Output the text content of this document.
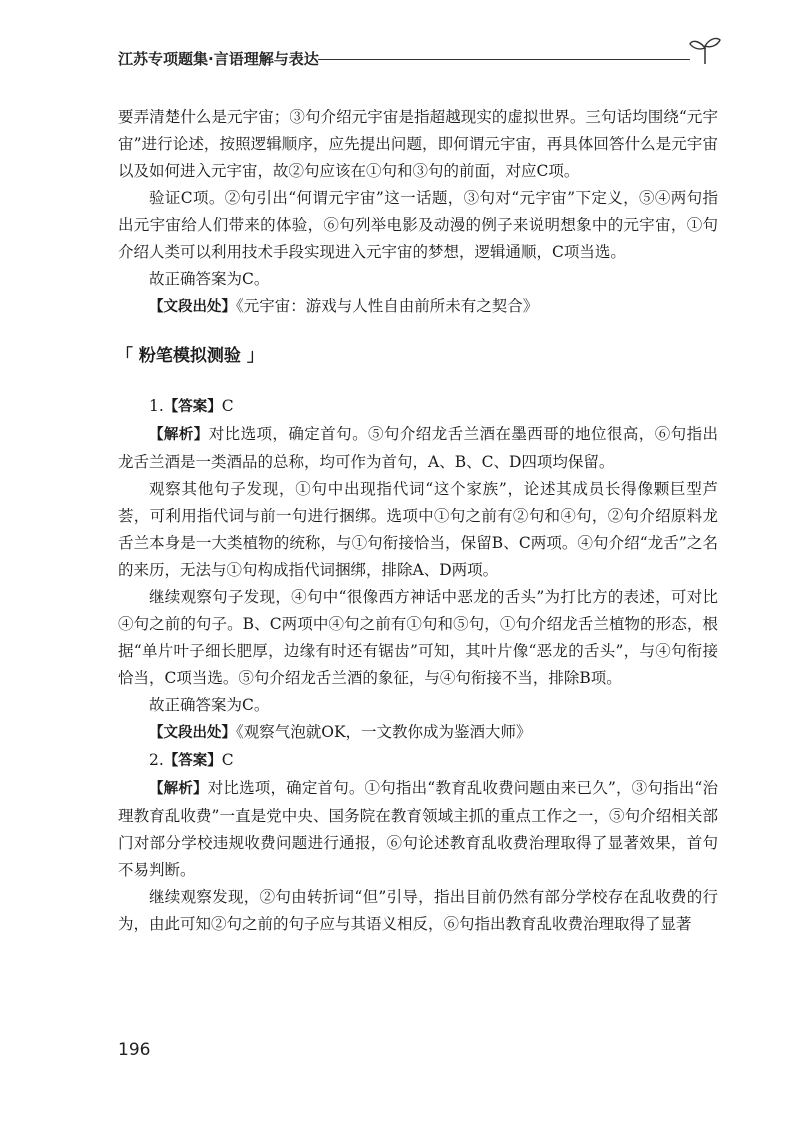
江苏专项题集·言语理解与表达

要弄清楚什么是元宇宙；③句介绍元宇宙是指超越现实的虚拟世界。三句话均围绕“元宇宙”进行论述，按照逻辑顺序，应先提出问题，即何谓元宇宙，再具体回答什么是元宇宙以及如何进入元宇宙，故②句应该在①句和③句的前面，对应C项。

验证C项。②句引出“何谓元宇宙”这一话题，③句对“元宇宙”下定义，⑤④两句指出元宇宙给人们带来的体验，⑥句列举电影及动漫的例子来说明想象中的元宇宙，①句介绍人类可以利用技术手段实现进入元宇宙的梦想，逻辑通顺，C项当选。

故正确答案为C。

【文段出处】《元宇宙：游戏与人性自由前所未有之契合》

「 粉笔模拟测验 」

1.【答案】C

【解析】对比选项，确定首句。⑤句介绍龙舌兰酒在墨西哥的地位很高，⑥句指出龙舌兰酒是一类酒品的总称，均可作为首句，A、B、C、D四项均保留。

观察其他句子发现，①句中出现指代词“这个家族”，论述其成员长得像颗巨型芦荟，可利用指代词与前一句进行捆绑。选项中①句之前有②句和④句，②句介绍原料龙舌兰本身是一大类植物的统称，与①句衔接恰当，保留B、C两项。④句介绍“龙舌”之名的来历，无法与①句构成指代词捆绑，排除A、D两项。

继续观察句子发现，④句中“很像西方神话中恶龙的舌头”为打比方的表述，可对比④句之前的句子。B、C两项中④句之前有①句和⑤句，①句介绍龙舌兰植物的形态，根据“单片叶子细长肥厚，边缘有时还有锯齿”可知，其叶片像“恶龙的舌头”，与④句衔接恰当，C项当选。⑤句介绍龙舌兰酒的象征，与④句衔接不当，排除B项。

故正确答案为C。

【文段出处】《观察气泡就OK，一文教你成为鉴酒大师》

2.【答案】C

【解析】对比选项，确定首句。①句指出“教育乱收费问题由来已久”，③句指出“治理教育乱收费”一直是党中央、国务院在教育领域主抓的重点工作之一，⑤句介绍相关部门对部分学校违规收费问题进行通报，⑥句论述教育乱收费治理取得了显著效果，首句不易判断。

继续观察发现，②句由转折词“但”引导，指出目前仍然有部分学校存在乱收费的行为，由此可知②句之前的句子应与其语义相反，⑥句指出教育乱收费治理取得了显著

196
